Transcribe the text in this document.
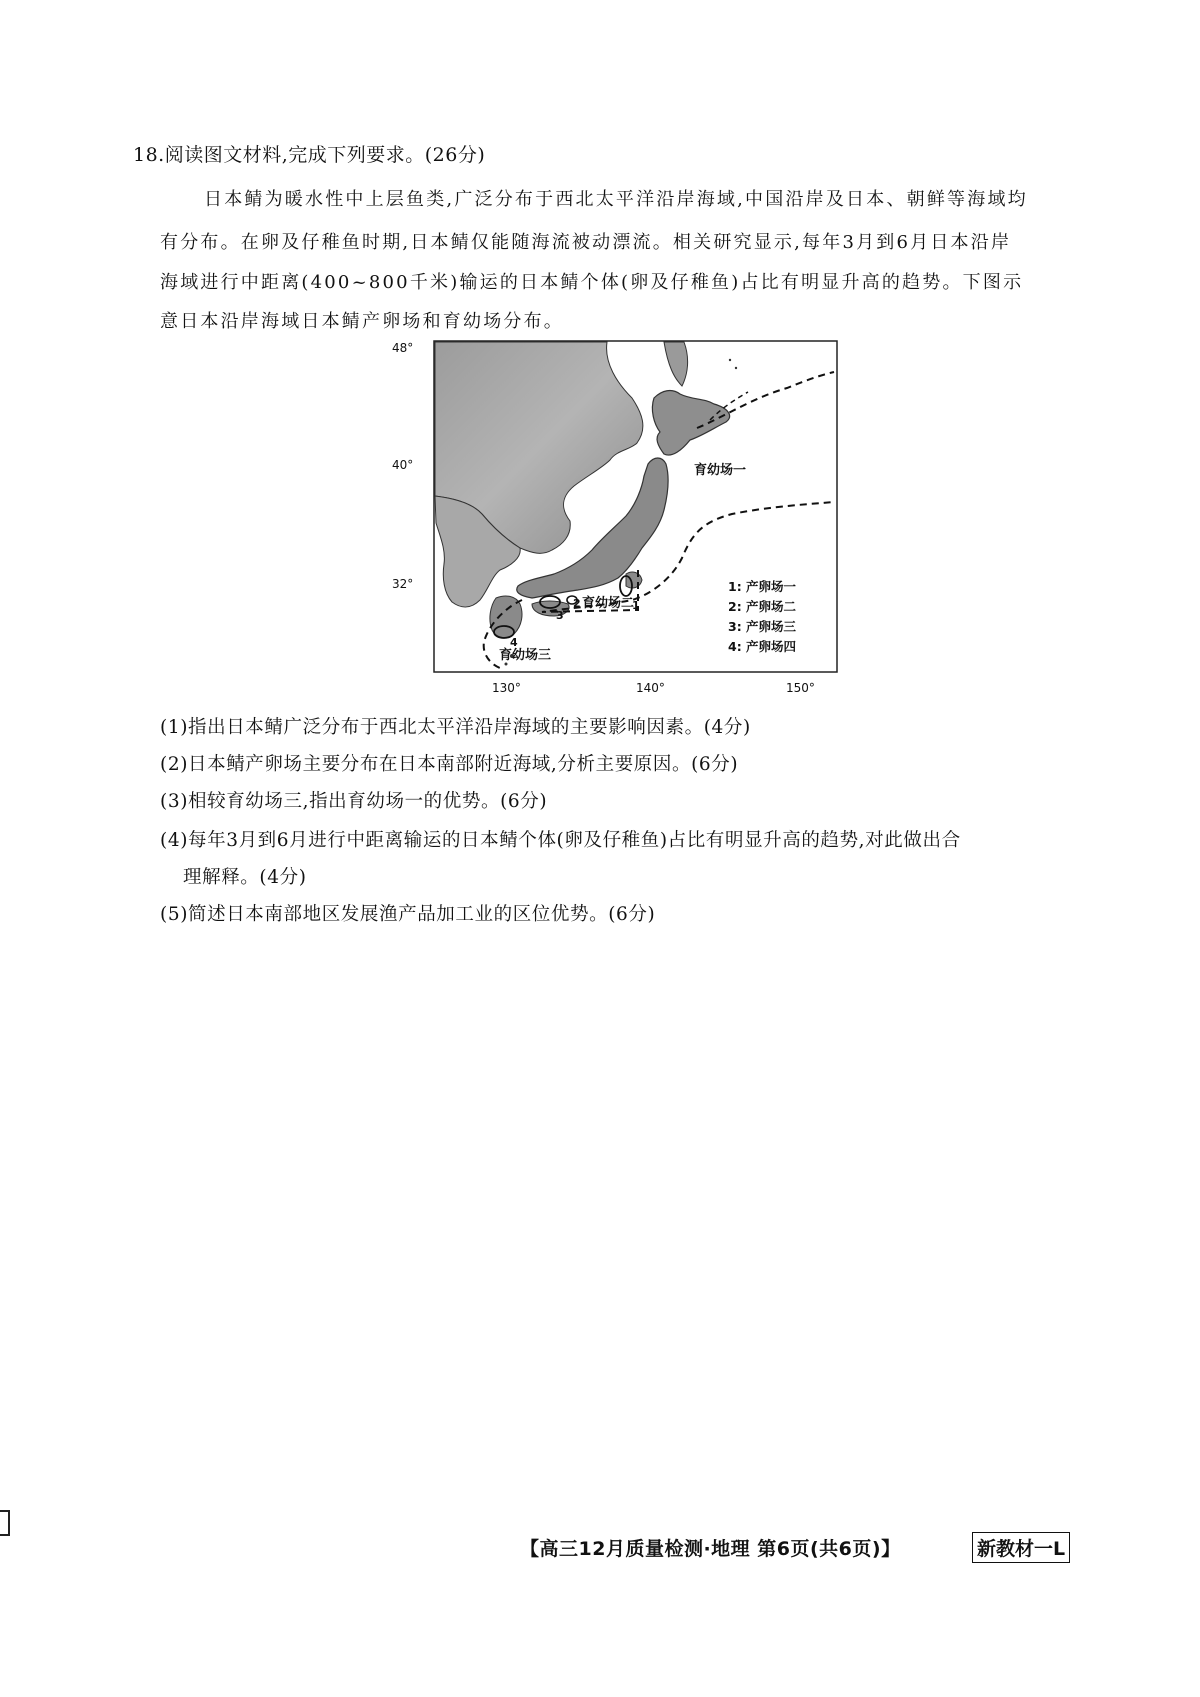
18.阅读图文材料,完成下列要求。(26分)
日本鲭为暖水性中上层鱼类,广泛分布于西北太平洋沿岸海域,中国沿岸及日本、朝鲜等海域均
有分布。在卵及仔稚鱼时期,日本鲭仅能随海流被动漂流。相关研究显示,每年3月到6月日本沿岸
海域进行中距离(400~800千米)输运的日本鲭个体(卵及仔稚鱼)占比有明显升高的趋势。下图示
意日本沿岸海域日本鲭产卵场和育幼场分布。
48°
40°
32°
130°	140°	150°
育幼场一
育幼场二
育幼场三
1
2
3
4
1: 产卵场一
2: 产卵场二
3: 产卵场三
4: 产卵场四
(1)指出日本鲭广泛分布于西北太平洋沿岸海域的主要影响因素。(4分)
(2)日本鲭产卵场主要分布在日本南部附近海域,分析主要原因。(6分)
(3)相较育幼场三,指出育幼场一的优势。(6分)
(4)每年3月到6月进行中距离输运的日本鲭个体(卵及仔稚鱼)占比有明显升高的趋势,对此做出合
理解释。(4分)
(5)简述日本南部地区发展渔产品加工业的区位优势。(6分)
【高三12月质量检测·地理 第6页(共6页)】	新教材一L
